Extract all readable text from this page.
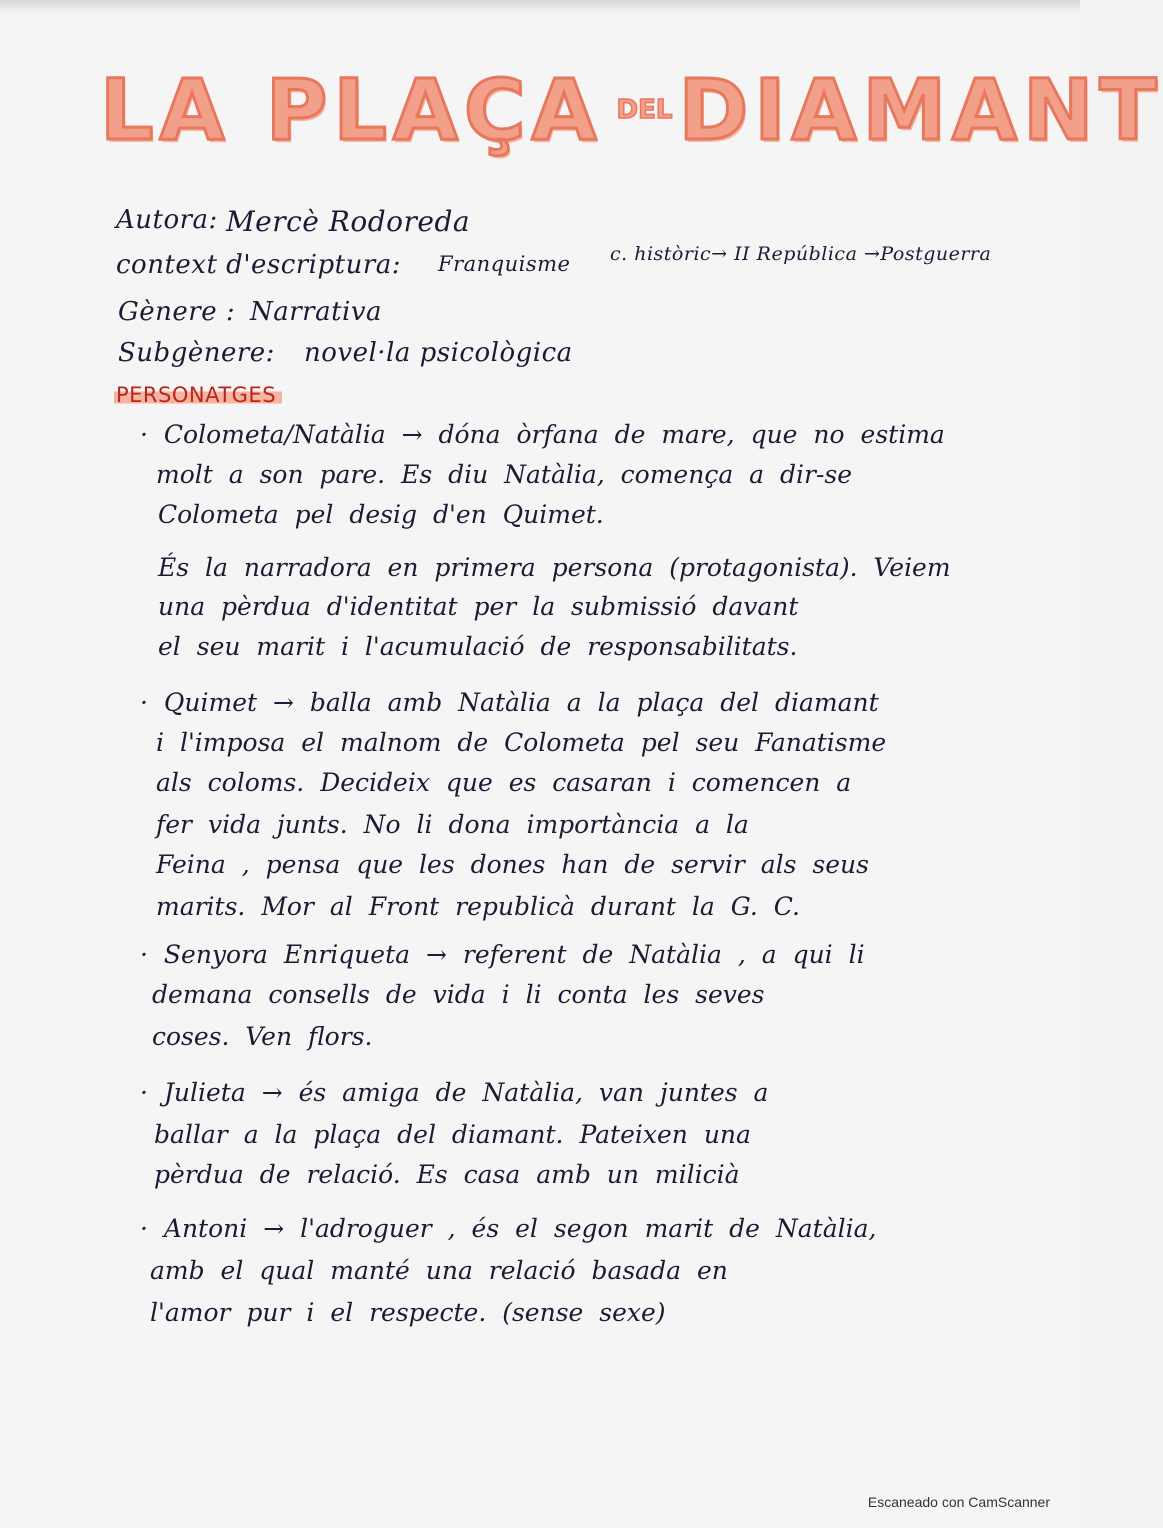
LA PLAÇA DEL DIAMANT
Autora: Mercè Rodoreda
context d'escriptura: Franquisme c. històric→ II República →Postguerra
Gènere : Narrativa
Subgènere: novel·la psicològica
PERSONATGES
· Colometa/Natàlia → dóna òrfana de mare, que no estima
molt a son pare. Es diu Natàlia, comença a dir-se
Colometa pel desig d'en Quimet.
És la narradora en primera persona (protagonista). Veiem
una pèrdua d'identitat per la submissió davant
el seu marit i l'acumulació de responsabilitats.
· Quimet → balla amb Natàlia a la plaça del diamant
i l'imposa el malnom de Colometa pel seu Fanatisme
als coloms. Decideix que es casaran i comencen a
fer vida junts. No li dona importància a la
Feina , pensa que les dones han de servir als seus
marits. Mor al Front republicà durant la G. C.
· Senyora Enriqueta → referent de Natàlia , a qui li
demana consells de vida i li conta les seves
coses. Ven flors.
· Julieta → és amiga de Natàlia, van juntes a
ballar a la plaça del diamant. Pateixen una
pèrdua de relació. Es casa amb un milicià
· Antoni → l'adroguer , és el segon marit de Natàlia,
amb el qual manté una relació basada en
l'amor pur i el respecte. (sense sexe)
Escaneado con CamScanner
